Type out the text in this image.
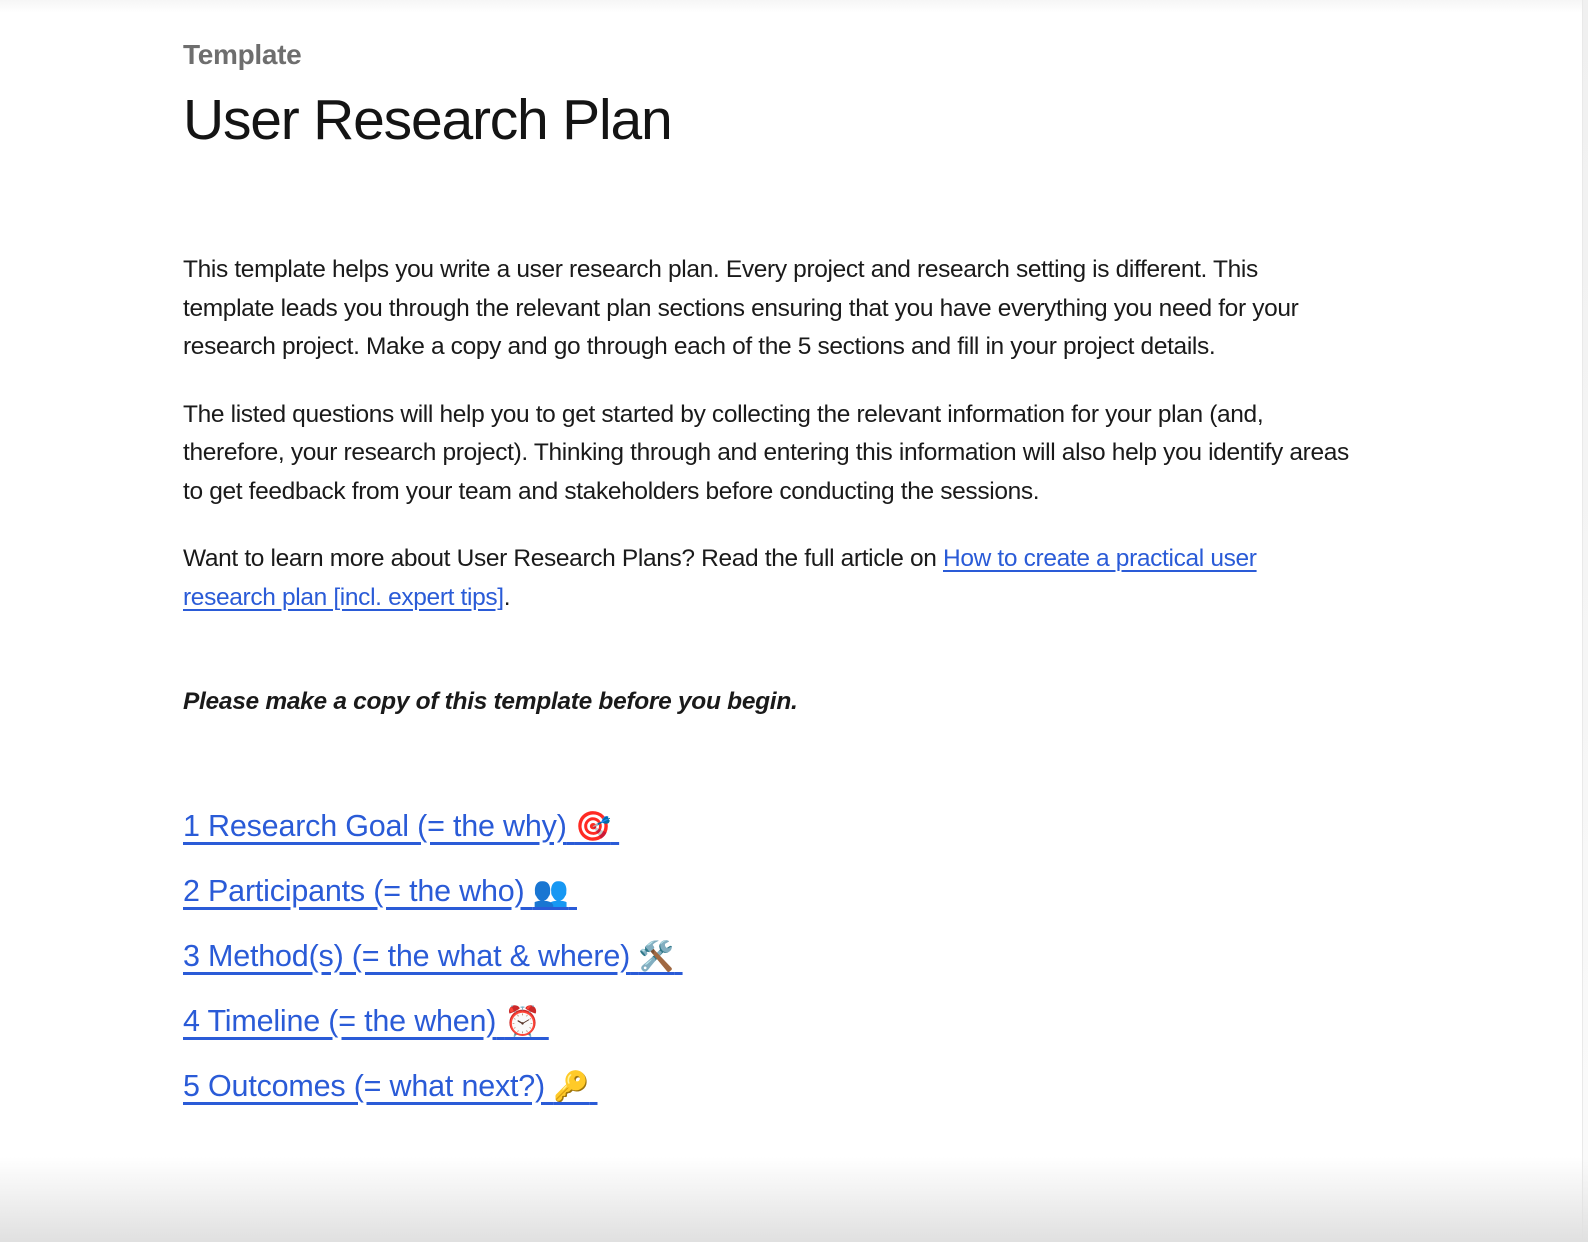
Template
User Research Plan

This template helps you write a user research plan. Every project and research setting is different. This template leads you through the relevant plan sections ensuring that you have everything you need for your research project. Make a copy and go through each of the 5 sections and fill in your project details.

The listed questions will help you to get started by collecting the relevant information for your plan (and, therefore, your research project). Thinking through and entering this information will also help you identify areas to get feedback from your team and stakeholders before conducting the sessions.

Want to learn more about User Research Plans? Read the full article on How to create a practical user research plan [incl. expert tips].

Please make a copy of this template before you begin.

1 Research Goal (= the why) 🎯
2 Participants (= the who) 👥
3 Method(s) (= the what & where) 🛠️
4 Timeline (= the when) ⏰
5 Outcomes (= what next?) 🔑
